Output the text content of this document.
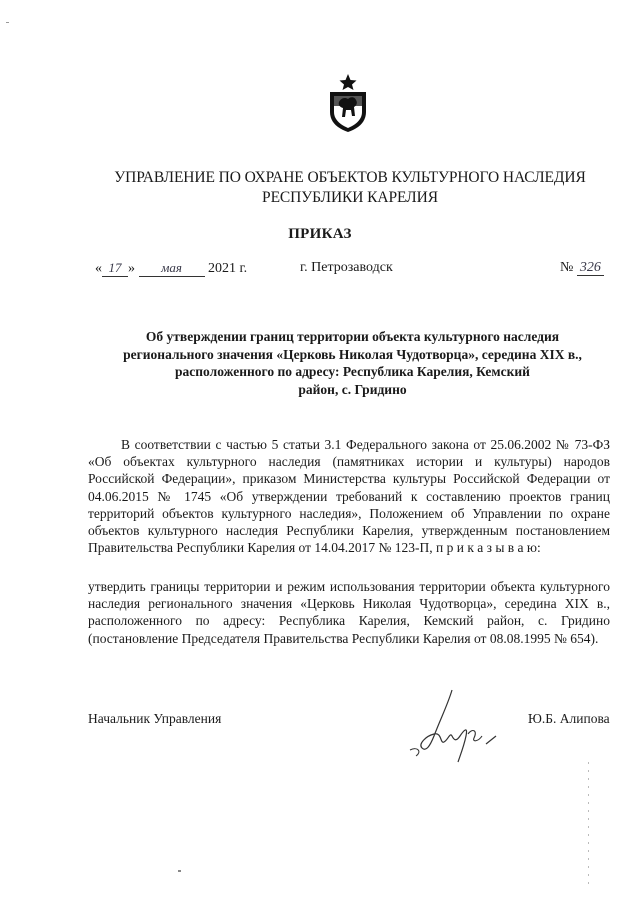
УПРАВЛЕНИЕ ПО ОХРАНЕ ОБЪЕКТОВ КУЛЬТУРНОГО НАСЛЕДИЯ
РЕСПУБЛИКИ КАРЕЛИЯ
ПРИКАЗ
« 17 » мая 2021 г.	г. Петрозаводск	№ 326
Об утверждении границ территории объекта культурного наследия
регионального значения «Церковь Николая Чудотворца», середина XIX в.,
расположенного по адресу: Республика Карелия, Кемский
район, с. Гридино
В соответствии с частью 5 статьи 3.1 Федерального закона от 25.06.2002 № 73-ФЗ «Об объектах культурного наследия (памятниках истории и культуры) народов Российской Федерации», приказом Министерства культуры Российской Федерации от 04.06.2015 № 1745 «Об утверждении требований к составлению проектов границ территорий объектов культурного наследия», Положением об Управлении по охране объектов культурного наследия Республики Карелия, утвержденным постановлением Правительства Республики Карелия от 14.04.2017 № 123-П, п р и к а з ы в а ю:
утвердить границы территории и режим использования территории объекта культурного наследия регионального значения «Церковь Николая Чудотворца», середина XIX в., расположенного по адресу: Республика Карелия, Кемский район, с. Гридино (постановление Председателя Правительства Республики Карелия от 08.08.1995 № 654).
Начальник Управления	Ю.Б. Алипова
